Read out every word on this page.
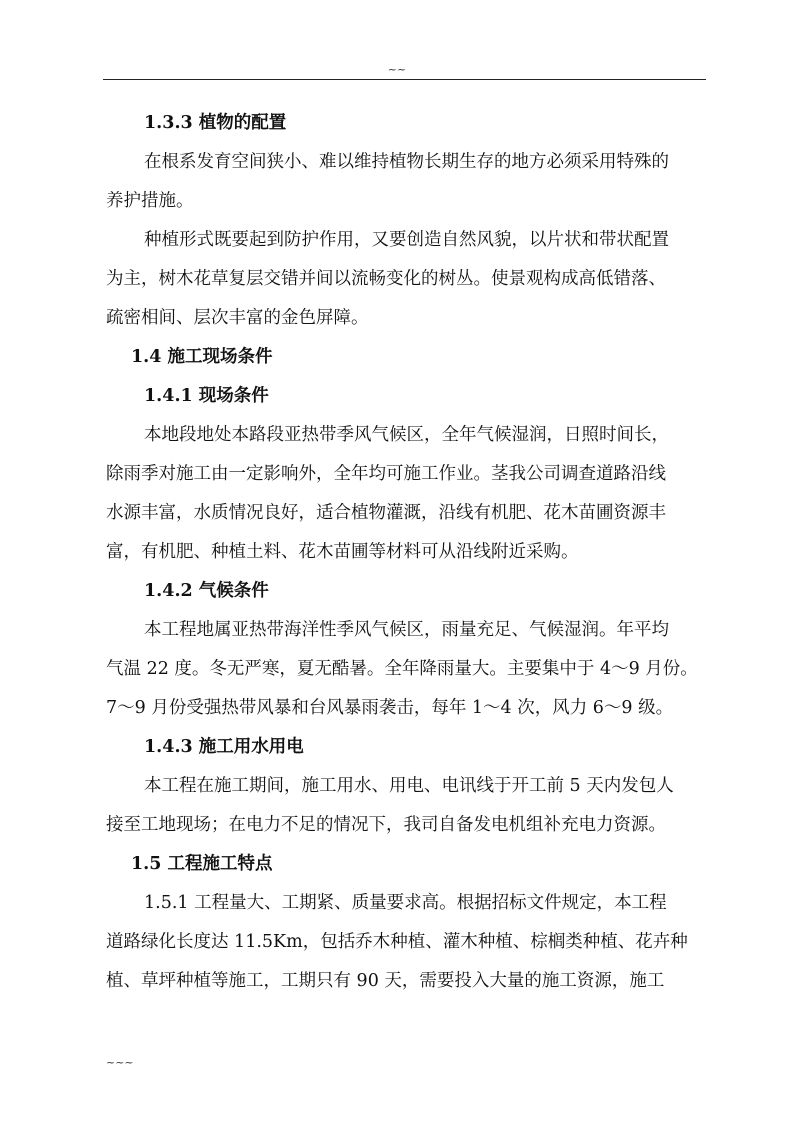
~~
1.3.3 植物的配置
在根系发育空间狭小、难以维持植物长期生存的地方必须采用特殊的
养护措施。
种植形式既要起到防护作用，又要创造自然风貌，以片状和带状配置
为主，树木花草复层交错并间以流畅变化的树丛。使景观构成高低错落、
疏密相间、层次丰富的金色屏障。
1.4 施工现场条件
1.4.1 现场条件
本地段地处本路段亚热带季风气候区，全年气候湿润，日照时间长，
除雨季对施工由一定影响外，全年均可施工作业。茎我公司调查道路沿线
水源丰富，水质情况良好，适合植物灌溉，沿线有机肥、花木苗圃资源丰
富，有机肥、种植土料、花木苗圃等材料可从沿线附近采购。
1.4.2 气候条件
本工程地属亚热带海洋性季风气候区，雨量充足、气候湿润。年平均
气温 22 度。冬无严寒，夏无酷暑。全年降雨量大。主要集中于 4～9 月份。
7～9 月份受强热带风暴和台风暴雨袭击，每年 1～4 次，风力 6～9 级。
1.4.3 施工用水用电
本工程在施工期间，施工用水、用电、电讯线于开工前 5 天内发包人
接至工地现场；在电力不足的情况下，我司自备发电机组补充电力资源。
1.5 工程施工特点
1.5.1 工程量大、工期紧、质量要求高。根据招标文件规定，本工程
道路绿化长度达 11.5Km，包括乔木种植、灌木种植、棕榈类种植、花卉种
植、草坪种植等施工，工期只有 90 天，需要投入大量的施工资源，施工
~~~
